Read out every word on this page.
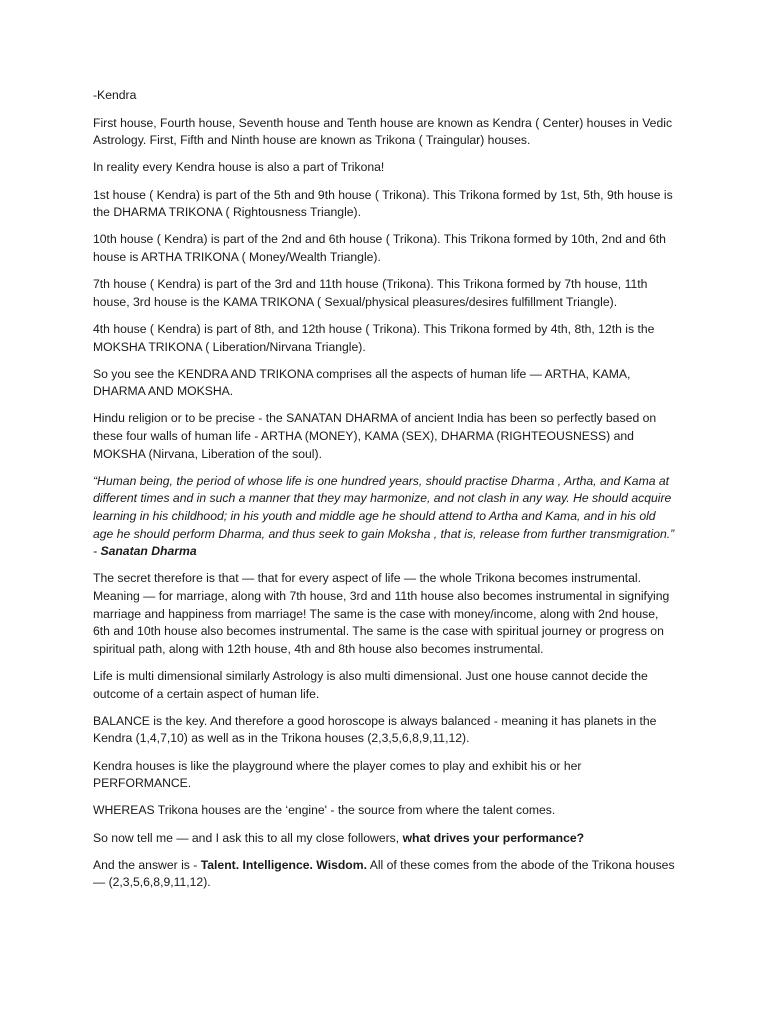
-Kendra

First house, Fourth house, Seventh house and Tenth house are known as Kendra ( Center) houses in Vedic Astrology. First, Fifth and Ninth house are known as Trikona ( Traingular) houses.

In reality every Kendra house is also a part of Trikona!

1st house ( Kendra) is part of the 5th and 9th house ( Trikona). This Trikona formed by 1st, 5th, 9th house is the DHARMA TRIKONA ( Rightousness Triangle).

10th house ( Kendra) is part of the 2nd and 6th house ( Trikona). This Trikona formed by 10th, 2nd and 6th house is ARTHA TRIKONA ( Money/Wealth Triangle).

7th house ( Kendra) is part of the 3rd and 11th house (Trikona). This Trikona formed by 7th house, 11th house, 3rd house is the KAMA TRIKONA ( Sexual/physical pleasures/desires fulfillment Triangle).

4th house ( Kendra) is part of 8th, and 12th house ( Trikona). This Trikona formed by 4th, 8th, 12th is the MOKSHA TRIKONA ( Liberation/Nirvana Triangle).

So you see the KENDRA AND TRIKONA comprises all the aspects of human life — ARTHA, KAMA, DHARMA AND MOKSHA.

Hindu religion or to be precise - the SANATAN DHARMA of ancient India has been so perfectly based on these four walls of human life - ARTHA (MONEY), KAMA (SEX), DHARMA (RIGHTEOUSNESS) and MOKSHA (Nirvana, Liberation of the soul).

“Human being, the period of whose life is one hundred years, should practise Dharma , Artha, and Kama at different times and in such a manner that they may harmonize, and not clash in any way. He should acquire learning in his childhood; in his youth and middle age he should attend to Artha and Kama, and in his old age he should perform Dharma, and thus seek to gain Moksha , that is, release from further transmigration.” - Sanatan Dharma

The secret therefore is that — that for every aspect of life — the whole Trikona becomes instrumental. Meaning — for marriage, along with 7th house, 3rd and 11th house also becomes instrumental in signifying marriage and happiness from marriage! The same is the case with money/income, along with 2nd house, 6th and 10th house also becomes instrumental. The same is the case with spiritual journey or progress on spiritual path, along with 12th house, 4th and 8th house also becomes instrumental.

Life is multi dimensional similarly Astrology is also multi dimensional. Just one house cannot decide the outcome of a certain aspect of human life.

BALANCE is the key. And therefore a good horoscope is always balanced - meaning it has planets in the Kendra (1,4,7,10) as well as in the Trikona houses (2,3,5,6,8,9,11,12).

Kendra houses is like the playground where the player comes to play and exhibit his or her PERFORMANCE.

WHEREAS Trikona houses are the ‘engine' - the source from where the talent comes.

So now tell me — and I ask this to all my close followers, what drives your performance?

And the answer is - Talent. Intelligence. Wisdom. All of these comes from the abode of the Trikona houses — (2,3,5,6,8,9,11,12).
